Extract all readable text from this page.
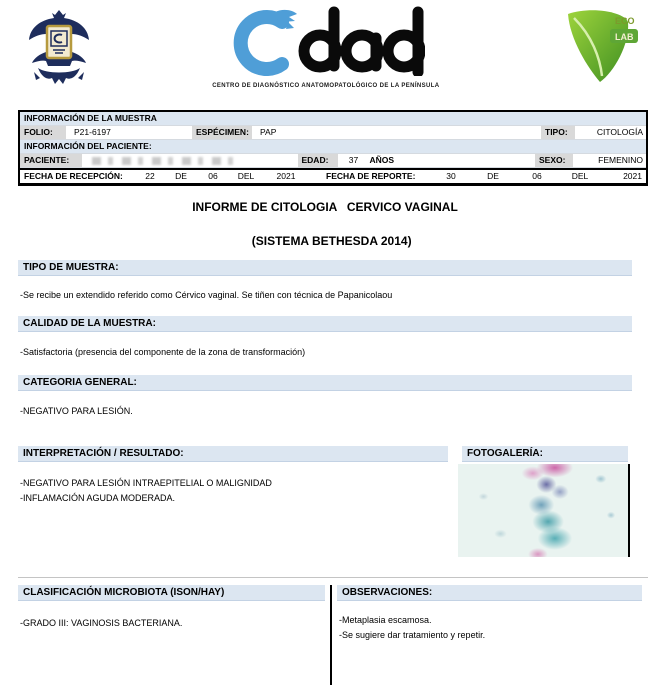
CENTRO DE DIAGNÓSTICO ANATOMOPATOLÓGICO DE LA PENÍNSULA
ECO
LAB
INFORMACIÓN DE LA MUESTRA
FOLIO:	P21-6197	ESPÉCIMEN:	PAP	TIPO:	CITOLOGÍA
INFORMACIÓN DEL PACIENTE:
PACIENTE:	EDAD:	37	AÑOS	SEXO:	FEMENINO
FECHA DE RECEPCIÓN:	22	DE	06	DEL	2021	FECHA DE REPORTE:	30	DE	06	DEL	2021
INFORME DE CITOLOGIA   CERVICO VAGINAL

(SISTEMA BETHESDA 2014)

TIPO DE MUESTRA:
-Se recibe un extendido referido como Cérvico vaginal. Se tiñen con técnica de Papanicolaou
CALIDAD DE LA MUESTRA:
-Satisfactoria (presencia del componente de la zona de transformación)
CATEGORIA GENERAL:
-NEGATIVO PARA LESIÓN.
INTERPRETACIÓN / RESULTADO:
-NEGATIVO PARA LESIÓN INTRAEPITELIAL O MALIGNIDAD
-INFLAMACIÓN AGUDA MODERADA.
FOTOGALERÍA:
CLASIFICACIÓN MICROBIOTA (ISON/HAY)
-GRADO III: VAGINOSIS BACTERIANA.
OBSERVACIONES:
-Metaplasia escamosa.
-Se sugiere dar tratamiento y repetir.
